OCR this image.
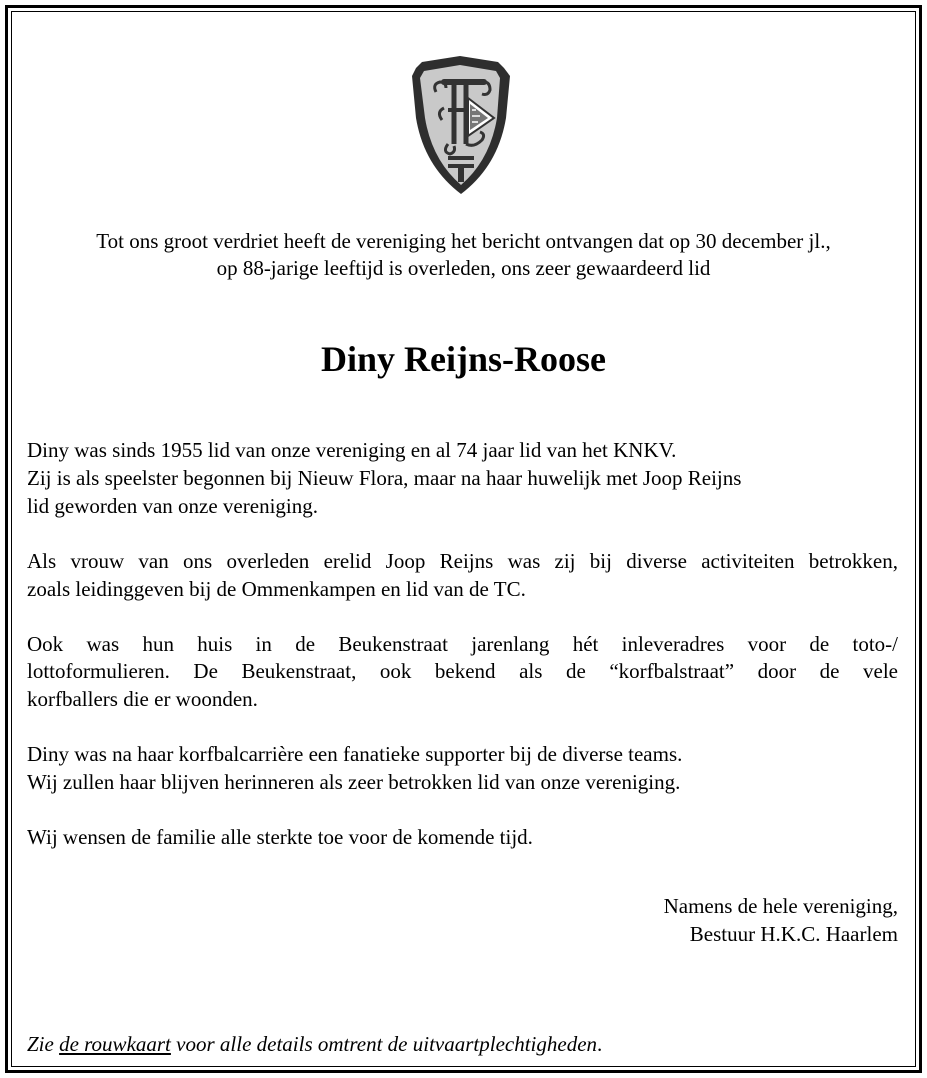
Tot ons groot verdriet heeft de vereniging het bericht ontvangen dat op 30 december jl.,

op 88-jarige leeftijd is overleden, ons zeer gewaardeerd lid

Diny Reijns-Roose

Diny was sinds 1955 lid van onze vereniging en al 74 jaar lid van het KNKV.

Zij is als speelster begonnen bij Nieuw Flora, maar na haar huwelijk met Joop Reijns

lid geworden van onze vereniging.

Als vrouw van ons overleden erelid Joop Reijns was zij bij diverse activiteiten betrokken,

zoals leidinggeven bij de Ommenkampen en lid van de TC.

Ook was hun huis in de Beukenstraat jarenlang hét inleveradres voor de toto-/

lottoformulieren. De Beukenstraat, ook bekend als de “korfbalstraat” door de vele

korfballers die er woonden.

Diny was na haar korfbalcarrière een fanatieke supporter bij de diverse teams.

Wij zullen haar blijven herinneren als zeer betrokken lid van onze vereniging.

Wij wensen de familie alle sterkte toe voor de komende tijd.

Namens de hele vereniging,

Bestuur H.K.C. Haarlem

Zie de rouwkaart voor alle details omtrent de uitvaartplechtigheden.
